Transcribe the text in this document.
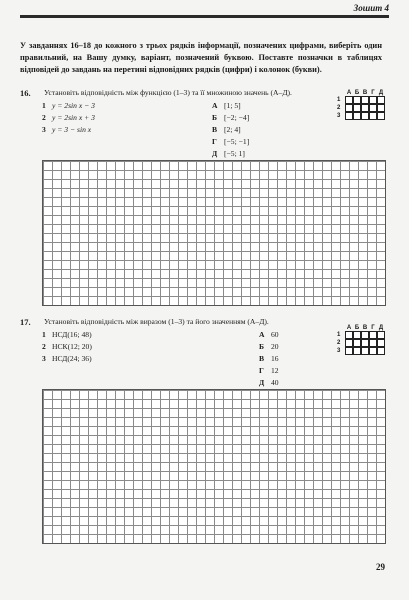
Зошит 4
У завданнях 16–18 до кожного з трьох рядків інформації, позначених цифрами, виберіть один правильний, на Вашу думку, варіант, позначений буквою. Поставте позначки в таблицях відповідей до завдань на перетині відповідних рядків (цифри) і колонок (букви).
16. Установіть відповідність між функцією (1–3) та її множиною значень (А–Д).
1 y = 2sin x − 3
2 y = 2sin x + 3
3 y = 3 − sin x
А [1; 5]
Б [−2; −4]
В [2; 4]
Г [−5; −1]
Д [−5; 1]
А Б В Г Д
1
2
3
17. Установіть відповідність між виразом (1–3) та його значенням (А–Д).
1 НСД(16; 48)
2 НСК(12; 20)
3 НСД(24; 36)
А 60
Б 20
В 16
Г 12
Д 40
А Б В Г Д
1
2
3
29
